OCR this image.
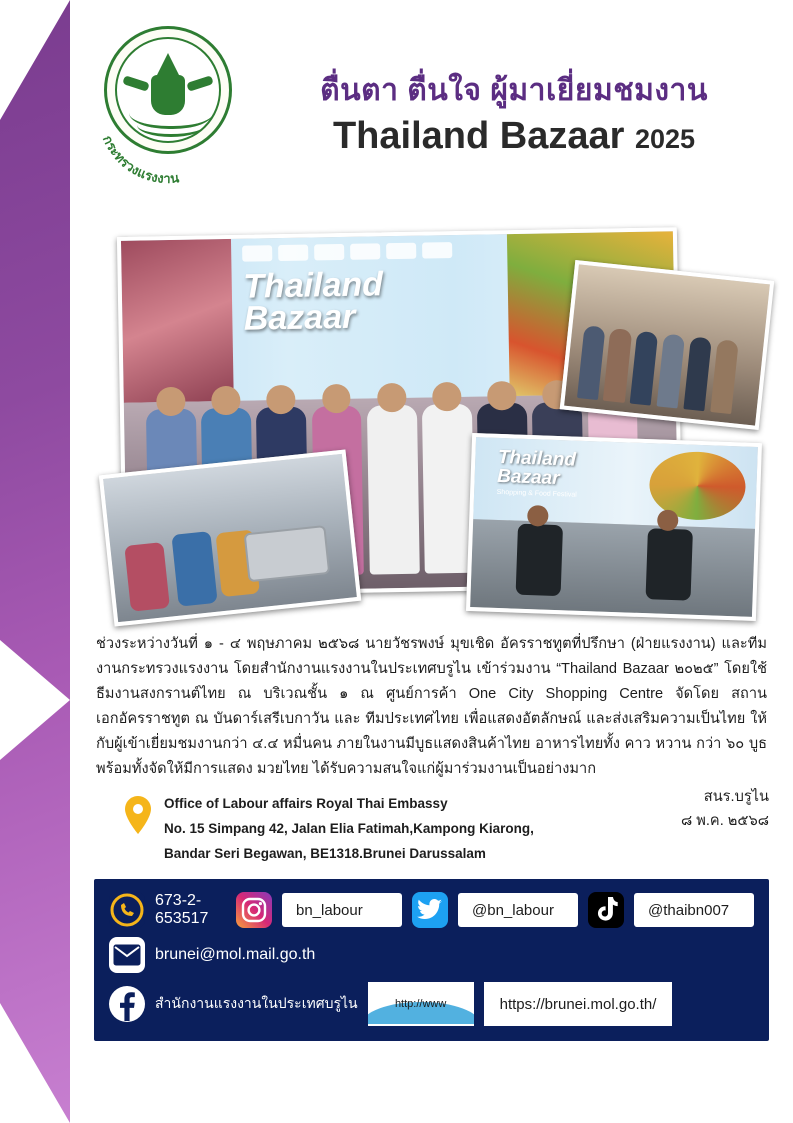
กระทรวงแรงงาน
ตื่นตา ตื่นใจ ผู้มาเยี่ยมชมงาน
Thailand Bazaar 2025
Thailand
Bazaar
Thailand
Bazaar
Shopping & Food Festival
ช่วงระหว่างวันที่ ๑ - ๔ พฤษภาคม ๒๕๖๘ นายวัชรพงษ์ มุขเชิด อัครราชทูตที่ปรึกษา (ฝ่ายแรงงาน) และทีมงานกระทรวงแรงงาน โดยสำนักงานแรงงานในประเทศบรูไน เข้าร่วมงาน “Thailand Bazaar ๒๐๒๕” โดยใช้ธีมงานสงกรานต์ไทย ณ บริเวณชั้น ๑ ณ ศูนย์การค้า One City Shopping Centre จัดโดย สถานเอกอัครราชทูต ณ บันดาร์เสรีเบกาวัน และ ทีมประเทศไทย เพื่อแสดงอัตลักษณ์ และส่งเสริมความเป็นไทย ให้กับผู้เข้าเยี่ยมชมงานกว่า ๔.๔ หมื่นคน ภายในงานมีบูธแสดงสินค้าไทย อาหารไทยทั้ง คาว หวาน กว่า ๖๐ บูธ พร้อมทั้งจัดให้มีการแสดง มวยไทย ได้รับความสนใจแก่ผู้มาร่วมงานเป็นอย่างมาก
สนร.บรูไน
๘ พ.ค. ๒๕๖๘
Office of Labour affairs Royal Thai Embassy
No. 15 Simpang 42, Jalan Elia Fatimah,Kampong Kiarong,
Bandar Seri Begawan, BE1318.Brunei Darussalam
673-2-653517	bn_labour	@bn_labour	@thaibn007
brunei@mol.mail.go.th
สำนักงานแรงงานในประเทศบรูไน	http://www	https://brunei.mol.go.th/
